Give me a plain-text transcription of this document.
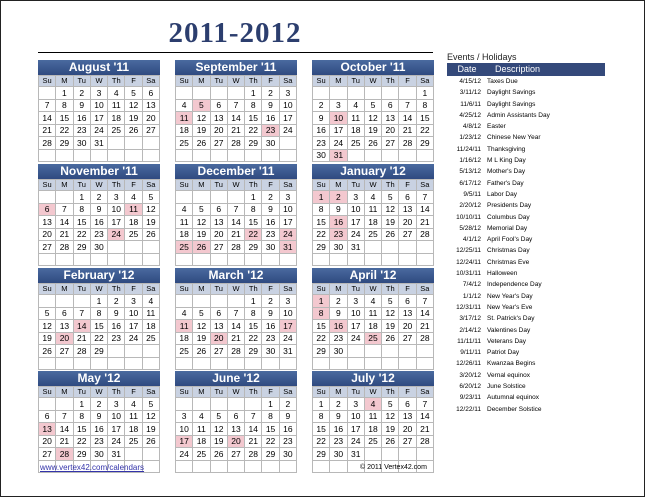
2011-2012
August '11
Su	M	Tu	W	Th	F	Sa
	1	2	3	4	5	6
7	8	9	10	11	12	13
14	15	16	17	18	19	20
21	22	23	24	25	26	27
28	29	30	31			

September '11
Su	M	Tu	W	Th	F	Sa
				1	2	3
4	5	6	7	8	9	10
11	12	13	14	15	16	17
18	19	20	21	22	23	24
25	26	27	28	29	30	

October '11
Su	M	Tu	W	Th	F	Sa
						1
2	3	4	5	6	7	8
9	10	11	12	13	14	15
16	17	18	19	20	21	22
23	24	25	26	27	28	29
30	31					
November '11
Su	M	Tu	W	Th	F	Sa
		1	2	3	4	5
6	7	8	9	10	11	12
13	14	15	16	17	18	19
20	21	22	23	24	25	26
27	28	29	30			

December '11
Su	M	Tu	W	Th	F	Sa
				1	2	3
4	5	6	7	8	9	10
11	12	13	14	15	16	17
18	19	20	21	22	23	24
25	26	27	28	29	30	31

January '12
Su	M	Tu	W	Th	F	Sa
1	2	3	4	5	6	7
8	9	10	11	12	13	14
15	16	17	18	19	20	21
22	23	24	25	26	27	28
29	30	31				

February '12
Su	M	Tu	W	Th	F	Sa
			1	2	3	4
5	6	7	8	9	10	11
12	13	14	15	16	17	18
19	20	21	22	23	24	25
26	27	28	29			

March '12
Su	M	Tu	W	Th	F	Sa
				1	2	3
4	5	6	7	8	9	10
11	12	13	14	15	16	17
18	19	20	21	22	23	24
25	26	27	28	29	30	31

April '12
Su	M	Tu	W	Th	F	Sa
1	2	3	4	5	6	7
8	9	10	11	12	13	14
15	16	17	18	19	20	21
22	23	24	25	26	27	28
29	30					

May '12
Su	M	Tu	W	Th	F	Sa
		1	2	3	4	5
6	7	8	9	10	11	12
13	14	15	16	17	18	19
20	21	22	23	24	25	26
27	28	29	30	31		

June '12
Su	M	Tu	W	Th	F	Sa
					1	2
3	4	5	6	7	8	9
10	11	12	13	14	15	16
17	18	19	20	21	22	23
24	25	26	27	28	29	30

July '12
Su	M	Tu	W	Th	F	Sa
1	2	3	4	5	6	7
8	9	10	11	12	13	14
15	16	17	18	19	20	21
22	23	24	25	26	27	28
29	30	31				

Events / Holidays
Date	Description
4/15/12 Taxes Due
3/11/12 Daylight Savings
11/6/11 Daylight Savings
4/25/12 Admin Assistants Day
4/8/12 Easter
1/23/12 Chinese New Year
11/24/11 Thanksgiving
1/16/12 M L King Day
5/13/12 Mother's Day
6/17/12 Father's Day
9/5/11 Labor Day
2/20/12 Presidents Day
10/10/11 Columbus Day
5/28/12 Memorial Day
4/1/12 April Fool's Day
12/25/11 Christmas Day
12/24/11 Christmas Eve
10/31/11 Halloween
7/4/12 Independence Day
1/1/12 New Year's Day
12/31/11 New Year's Eve
3/17/12 St. Patrick's Day
2/14/12 Valentines Day
11/11/11 Veterans Day
9/11/11 Patriot Day
12/26/11 Kwanzaa Begins
3/20/12 Vernal equinox
6/20/12 June Solstice
9/23/11 Autumnal equinox
12/22/11 December Solstice
www.vertex42.com/calendars	© 2011 Vertex42.com
